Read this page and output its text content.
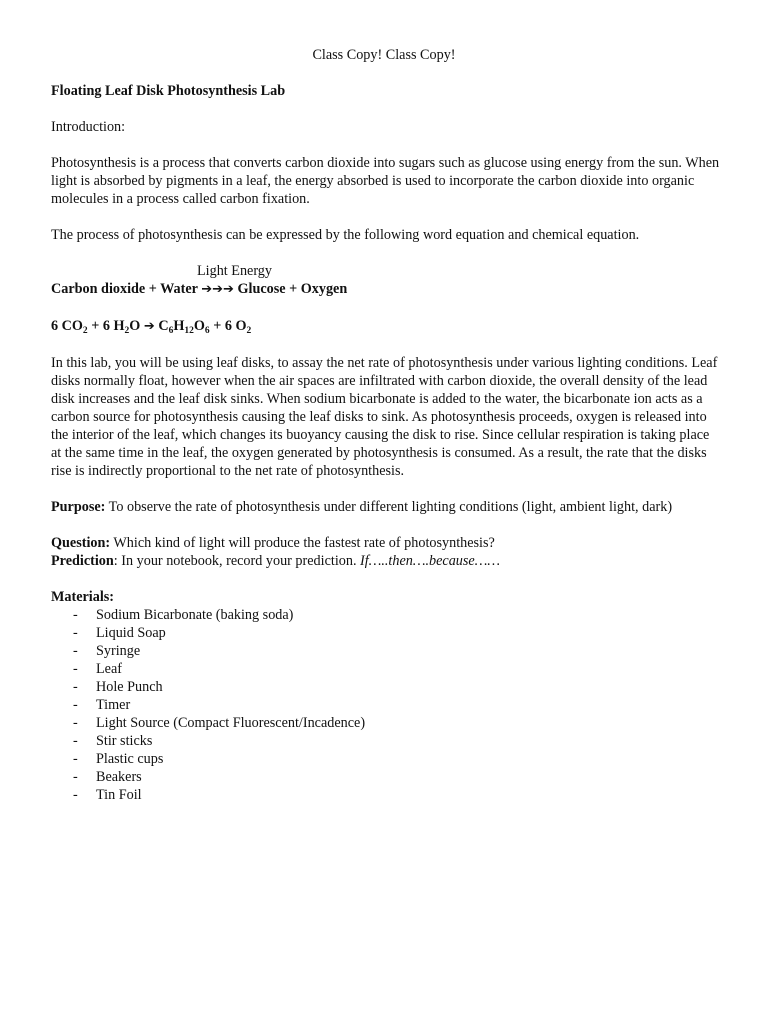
Class Copy! Class Copy!

Floating Leaf Disk Photosynthesis Lab

Introduction:

Photosynthesis is a process that converts carbon dioxide into sugars such as glucose using energy from the sun. When light is absorbed by pigments in a leaf, the energy absorbed is used to incorporate the carbon dioxide into organic molecules in a process called carbon fixation.

The process of photosynthesis can be expressed by the following word equation and chemical equation.

Light Energy

Carbon dioxide + Water ➔➔➔ Glucose + Oxygen

6 $CO_2 + 6$ $H_2O$ ➔ $C_6H_{12}O_6 + 6$ $O_2$

In this lab, you will be using leaf disks, to assay the net rate of photosynthesis under various lighting conditions. Leaf disks normally float, however when the air spaces are infiltrated with carbon dioxide, the overall density of the lead disk increases and the leaf disk sinks. When sodium bicarbonate is added to the water, the bicarbonate ion acts as a carbon source for photosynthesis causing the leaf disks to sink. As photosynthesis proceeds, oxygen is released into the interior of the leaf, which changes its buoyancy causing the disk to rise. Since cellular respiration is taking place at the same time in the leaf, the oxygen generated by photosynthesis is consumed. As a result, the rate that the disks rise is indirectly proportional to the net rate of photosynthesis.

Purpose: To observe the rate of photosynthesis under different lighting conditions (light, ambient light, dark)

Question: Which kind of light will produce the fastest rate of photosynthesis?

Prediction: In your notebook, record your prediction. If…..then….because……

Materials:

- Sodium Bicarbonate (baking soda)
- Liquid Soap
- Syringe
- Leaf
- Hole Punch
- Timer
- Light Source (Compact Fluorescent/Incadence)
- Stir sticks
- Plastic cups
- Beakers
- Tin Foil
